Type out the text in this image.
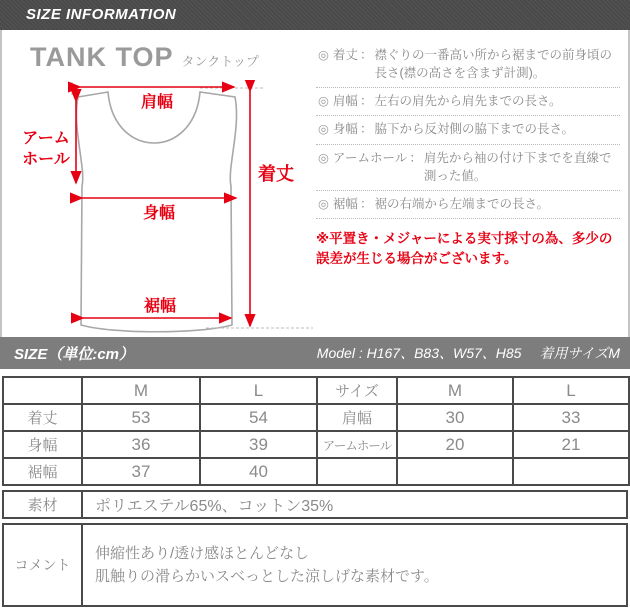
SIZE INFORMATION
TANK TOP タンクトップ
肩幅
アーム
ホール
着丈
身幅
裾幅
◎ 着丈 ： 襟ぐりの一番高い所から裾までの前身頃の長さ(襟の高さを含まず計測)。
◎ 肩幅 ： 左右の肩先から肩先までの長さ。
◎ 身幅 ： 脇下から反対側の脇下までの長さ。
◎ アームホール ： 肩先から袖の付け下までを直線で測った値。
◎ 裾幅 ： 裾の右端から左端までの長さ。
※平置き・メジャーによる実寸採寸の為、多少の誤差が生じる場合がございます。
SIZE（単位:cm）	Model : H167、B83、W57、H85 着用サイズM
	M	L	サイズ	M	L
着丈	53	54	肩幅	30	33
身幅	36	39	アームホール	20	21
裾幅	37	40			
素材	ポリエステル65%、コットン35%
コメント	
伸縮性あり/透け感ほとんどなし
肌触りの滑らかいスベっとした涼しげな素材です。
